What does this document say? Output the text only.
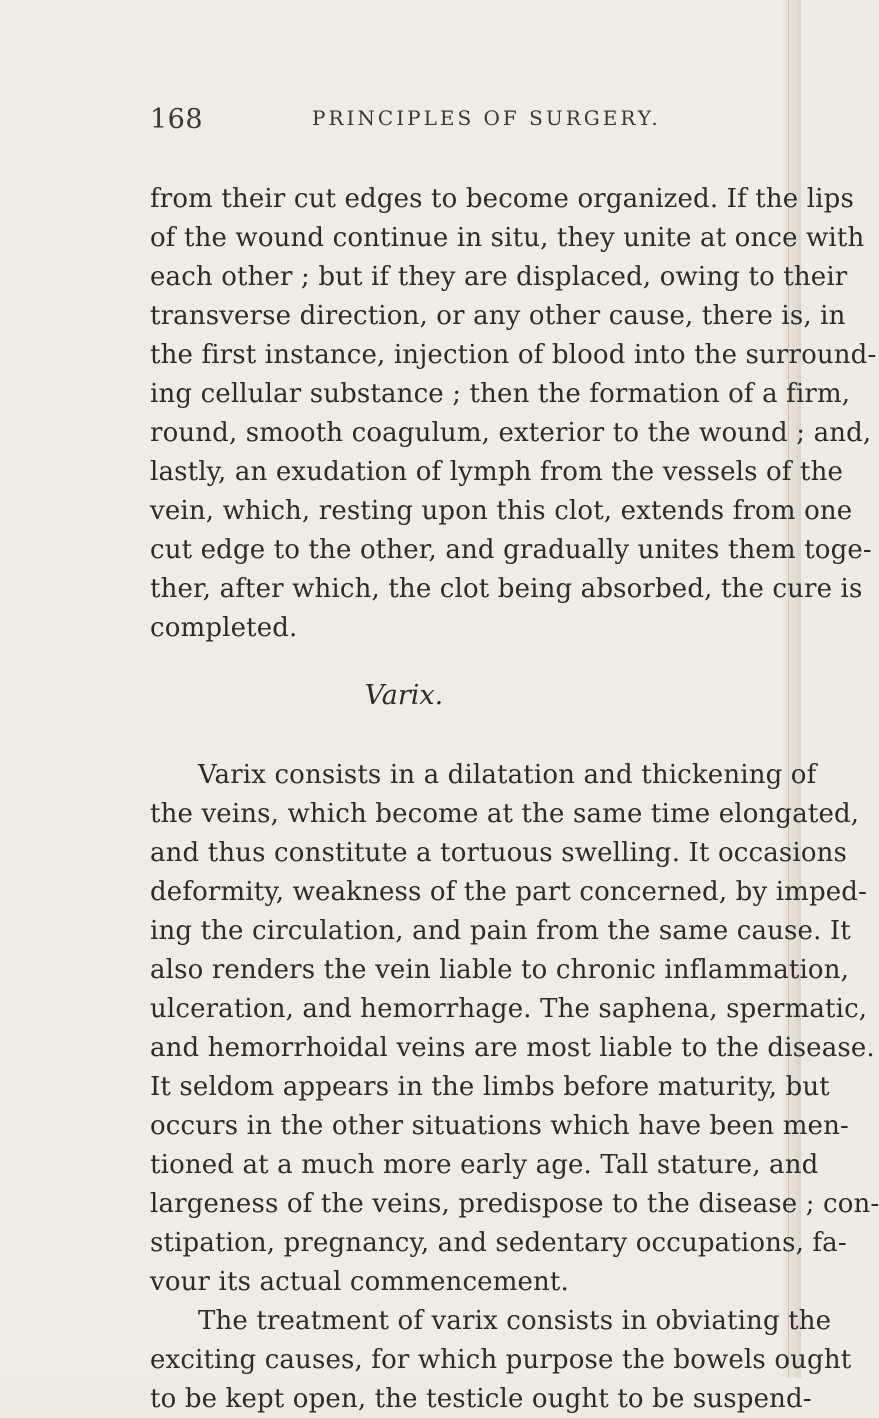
168	PRINCIPLES OF SURGERY.
from their cut edges to become organized. If the lips
of the wound continue in situ, they unite at once with
each other ; but if they are displaced, owing to their
transverse direction, or any other cause, there is, in
the first instance, injection of blood into the surround-
ing cellular substance ; then the formation of a firm,
round, smooth coagulum, exterior to the wound ; and,
lastly, an exudation of lymph from the vessels of the
vein, which, resting upon this clot, extends from one
cut edge to the other, and gradually unites them toge-
ther, after which, the clot being absorbed, the cure is
completed.
Varix.
Varix consists in a dilatation and thickening of
the veins, which become at the same time elongated,
and thus constitute a tortuous swelling. It occasions
deformity, weakness of the part concerned, by imped-
ing the circulation, and pain from the same cause. It
also renders the vein liable to chronic inflammation,
ulceration, and hemorrhage. The saphena, spermatic,
and hemorrhoidal veins are most liable to the disease.
It seldom appears in the limbs before maturity, but
occurs in the other situations which have been men-
tioned at a much more early age. Tall stature, and
largeness of the veins, predispose to the disease ; con-
stipation, pregnancy, and sedentary occupations, fa-
vour its actual commencement.
The treatment of varix consists in obviating the
exciting causes, for which purpose the bowels ought
to be kept open, the testicle ought to be suspend-
